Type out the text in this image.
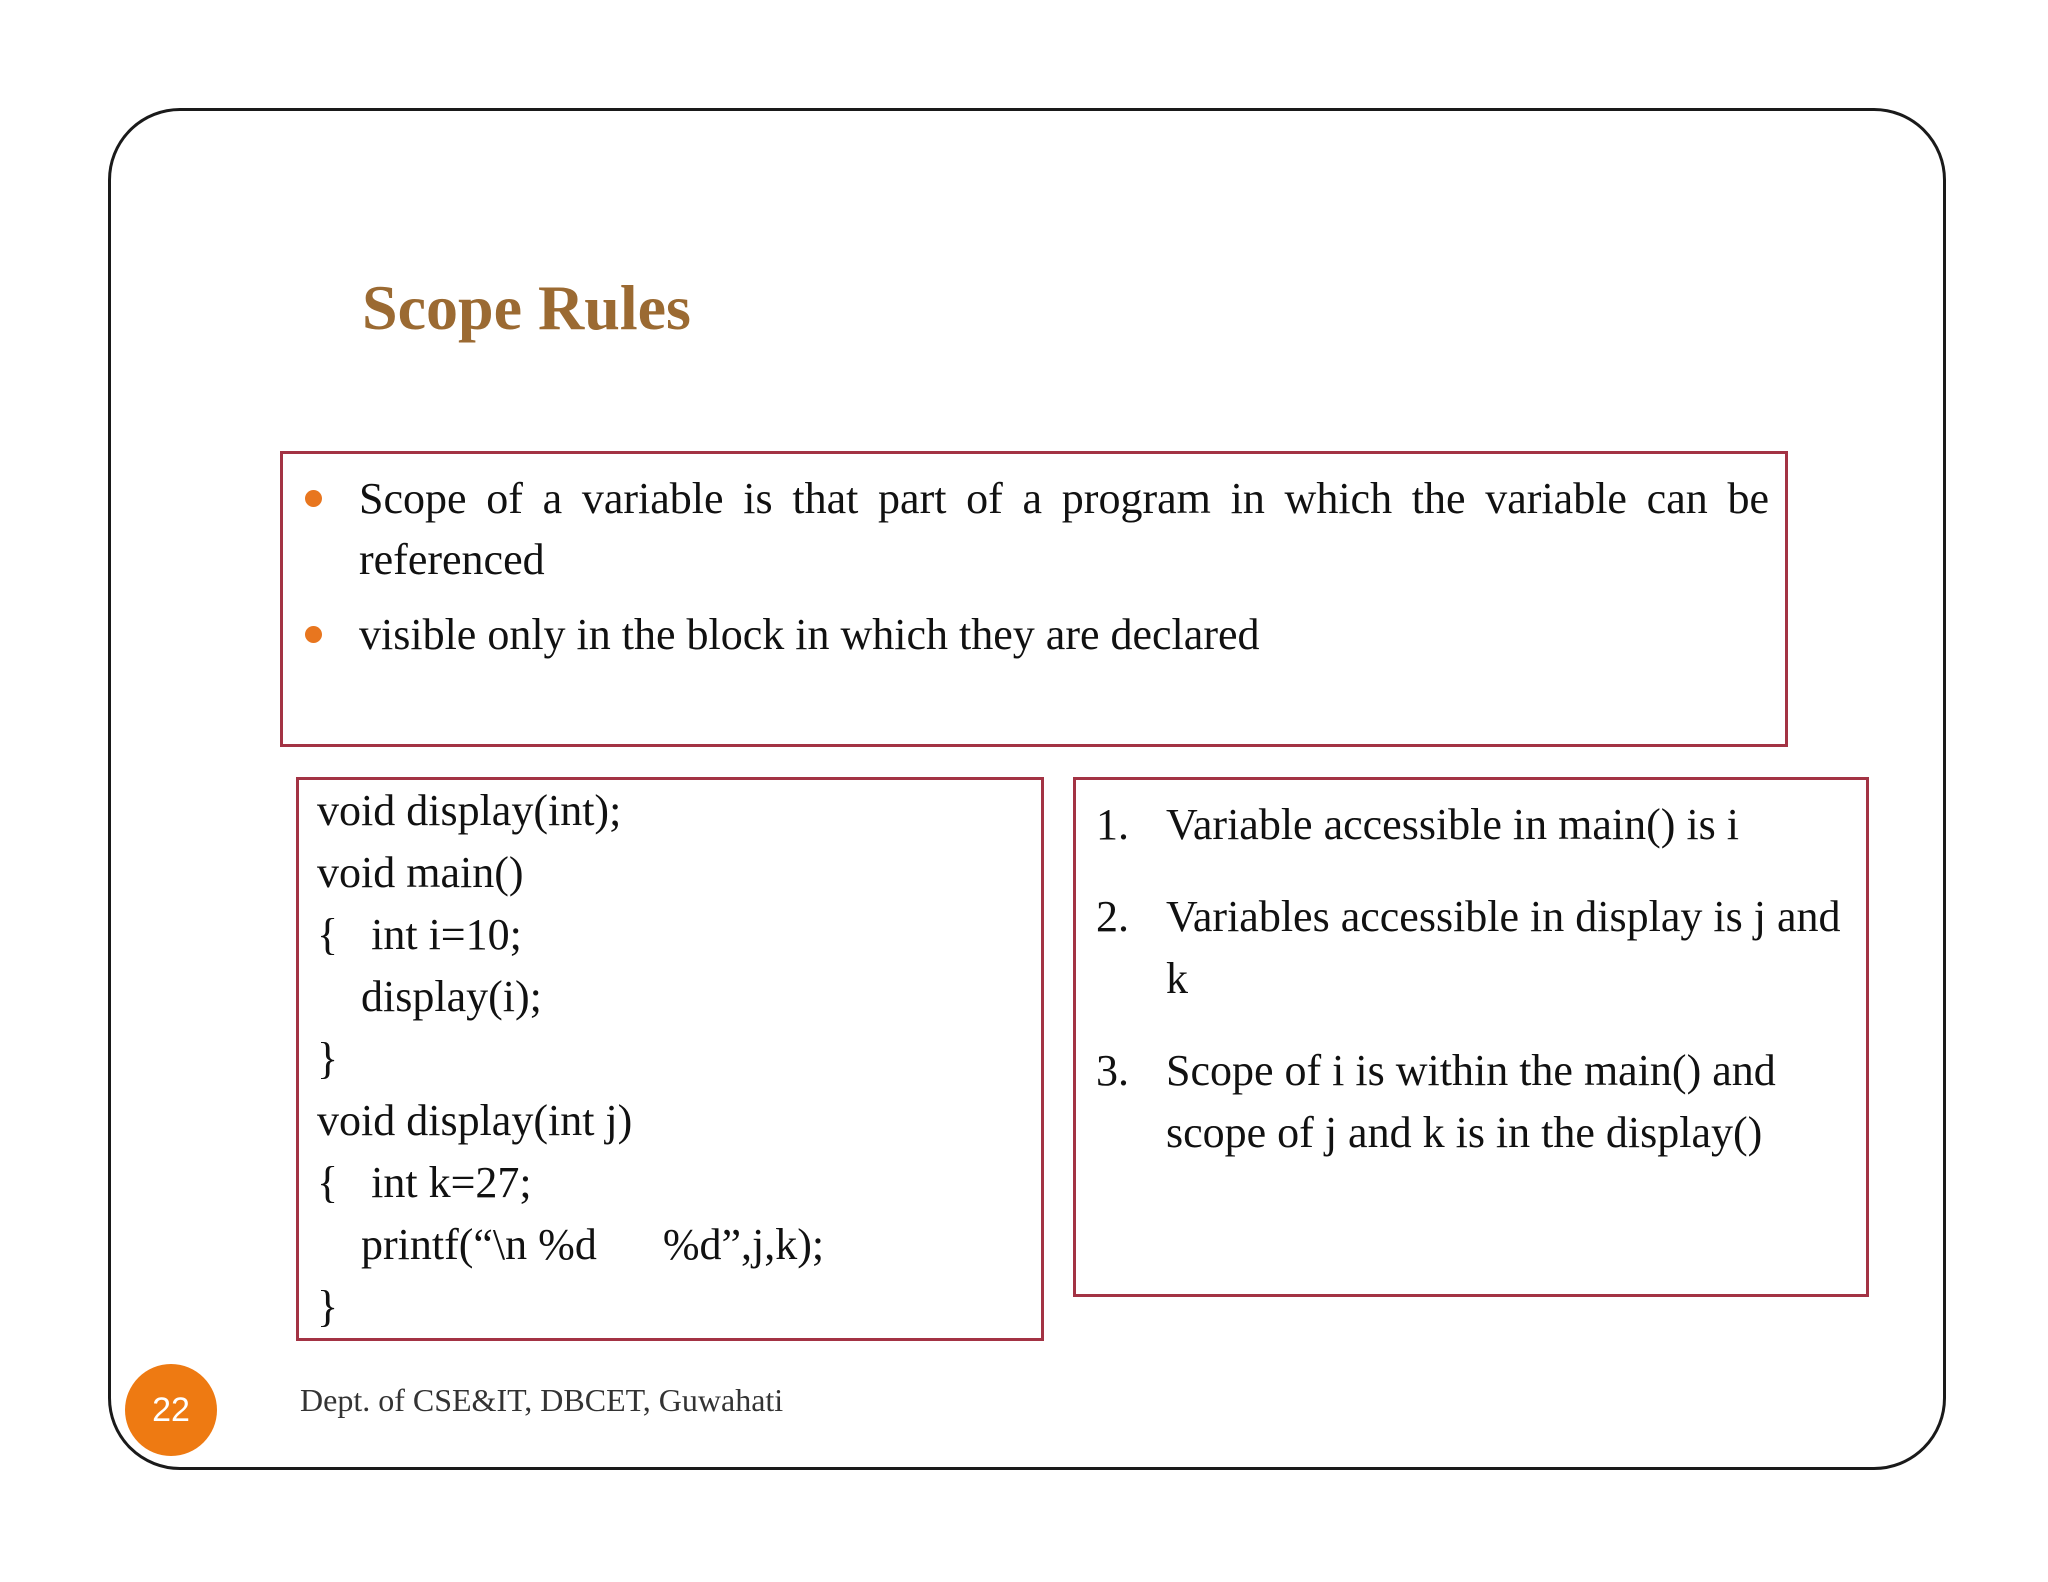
Scope Rules
Scope of a variable is that part of a program in which the variable can be referenced
visible only in the block in which they are declared
void display(int);
void main()
{   int i=10;
display(i);
}
void display(int j)
{   int k=27;
printf(“\n %d      %d”,j,k);
}
1. Variable accessible in main() is i
2. Variables accessible in display is j and k
3. Scope of i is within the main() and scope of j and k is in the display()
Dept. of CSE&IT, DBCET, Guwahati
22
